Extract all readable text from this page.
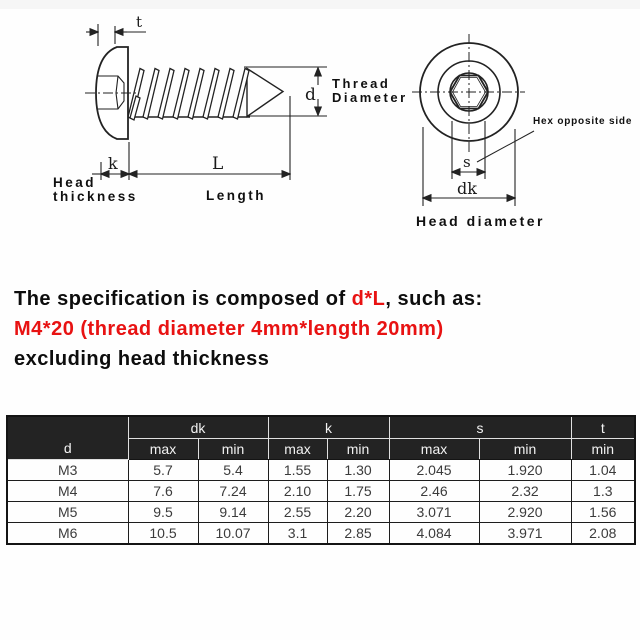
t
d
k	L
Thread
Diameter
Head
thickness	Length
s
dk
Hex opposite side
Head diameter
The specification is composed of d*L, such as:
M4*20 (thread diameter 4mm*length 20mm)
excluding head thickness
d	dk		k		s		t
	max	min	max	min	max	min	min
M3	5.7	5.4	1.55	1.30	2.045	1.920	1.04
M4	7.6	7.24	2.10	1.75	2.46	2.32	1.3
M5	9.5	9.14	2.55	2.20	3.071	2.920	1.56
M6	10.5	10.07	3.1	2.85	4.084	3.971	2.08
